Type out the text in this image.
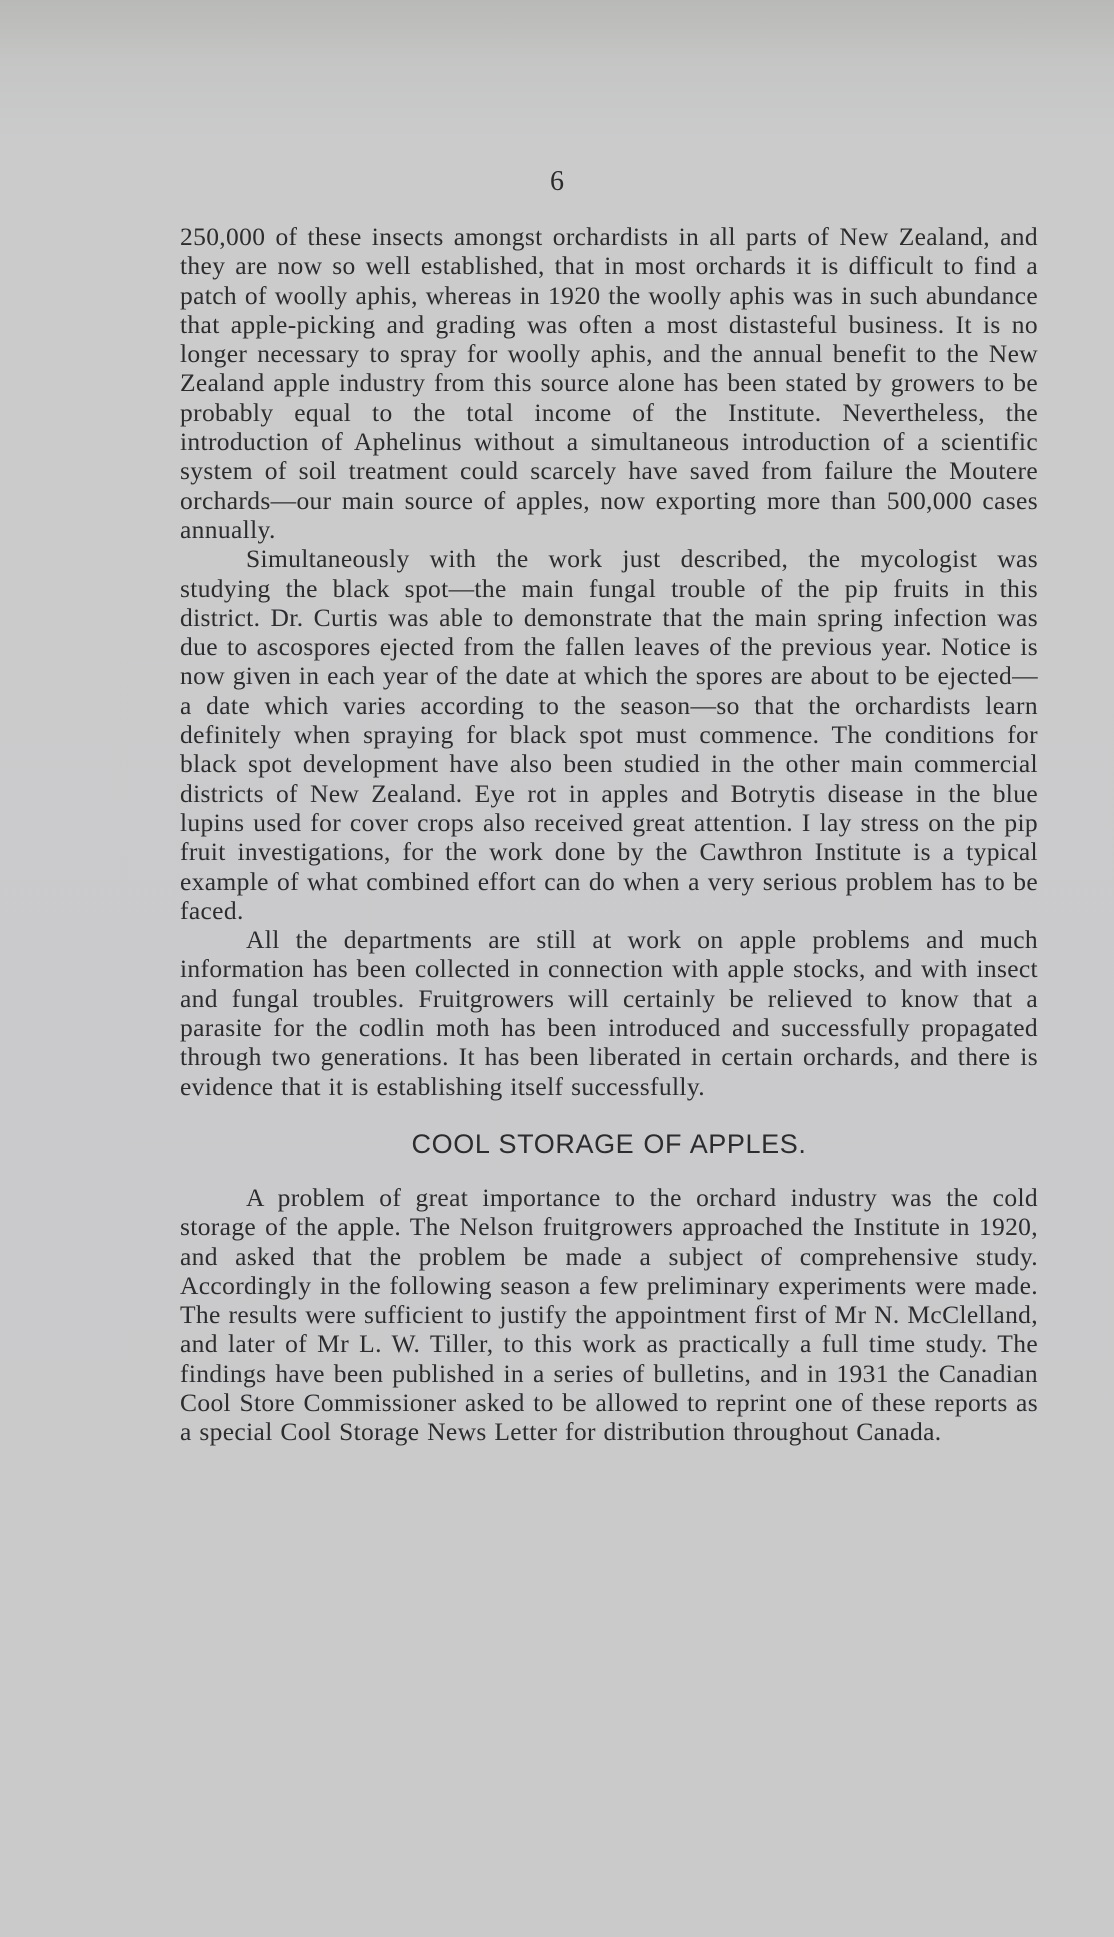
6

250,000 of these insects amongst orchardists in all parts of New Zealand, and they are now so well established, that in most orchards it is difficult to find a patch of woolly aphis, whereas in 1920 the woolly aphis was in such abundance that apple-picking and grading was often a most distasteful business. It is no longer necessary to spray for woolly aphis, and the annual benefit to the New Zealand apple industry from this source alone has been stated by growers to be probably equal to the total income of the Institute. Nevertheless, the introduction of Aphelinus without a simultaneous introduction of a scientific system of soil treatment could scarcely have saved from failure the Moutere orchards—our main source of apples, now exporting more than 500,000 cases annually.

Simultaneously with the work just described, the mycologist was studying the black spot—the main fungal trouble of the pip fruits in this district. Dr. Curtis was able to demonstrate that the main spring infection was due to ascospores ejected from the fallen leaves of the previous year. Notice is now given in each year of the date at which the spores are about to be ejected—a date which varies according to the season—so that the orchardists learn definitely when spraying for black spot must commence. The conditions for black spot development have also been studied in the other main commercial districts of New Zealand. Eye rot in apples and Botrytis disease in the blue lupins used for cover crops also received great attention. I lay stress on the pip fruit investigations, for the work done by the Cawthron Institute is a typical example of what combined effort can do when a very serious problem has to be faced.

All the departments are still at work on apple problems and much information has been collected in connection with apple stocks, and with insect and fungal troubles. Fruitgrowers will certainly be relieved to know that a parasite for the codlin moth has been introduced and successfully propagated through two generations. It has been liberated in certain orchards, and there is evidence that it is establishing itself successfully.

COOL STORAGE OF APPLES.

A problem of great importance to the orchard industry was the cold storage of the apple. The Nelson fruitgrowers approached the Institute in 1920, and asked that the problem be made a subject of comprehensive study. Accordingly in the following season a few preliminary experiments were made. The results were sufficient to justify the appointment first of Mr N. McClelland, and later of Mr L. W. Tiller, to this work as practically a full time study. The findings have been published in a series of bulletins, and in 1931 the Canadian Cool Store Commissioner asked to be allowed to reprint one of these reports as a special Cool Storage News Letter for distribution throughout Canada.
